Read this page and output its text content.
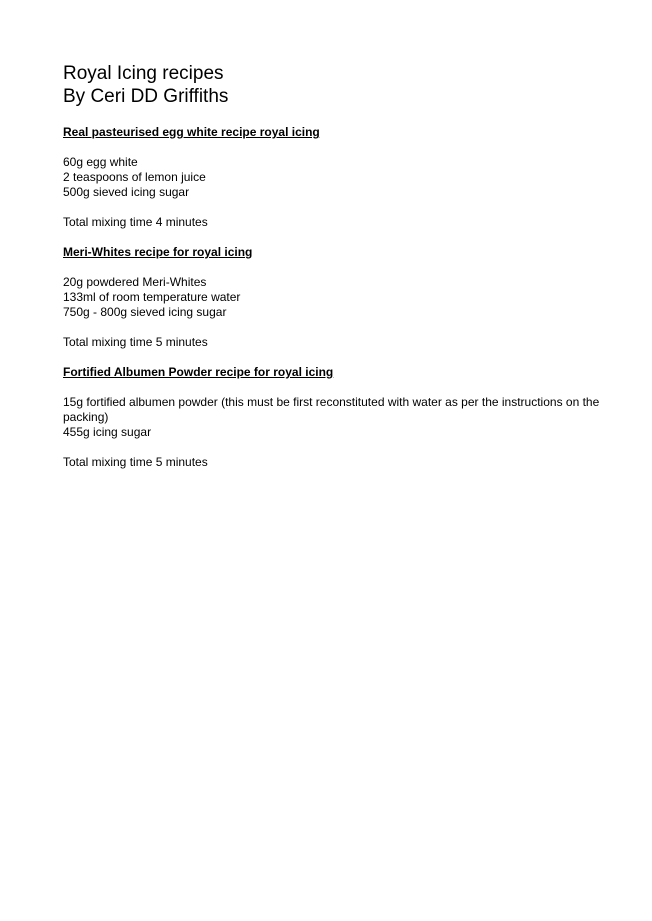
Royal Icing recipes
By Ceri DD Griffiths
Real pasteurised egg white recipe royal icing
60g egg white
2 teaspoons of lemon juice
500g sieved icing sugar
Total mixing time 4 minutes
Meri-Whites recipe for royal icing
20g powdered Meri-Whites
133ml of room temperature water
750g - 800g sieved icing sugar
Total mixing time 5 minutes
Fortified Albumen Powder recipe for royal icing
15g fortified albumen powder (this must be first reconstituted with water as per the instructions on the packing)
455g icing sugar
Total mixing time 5 minutes
